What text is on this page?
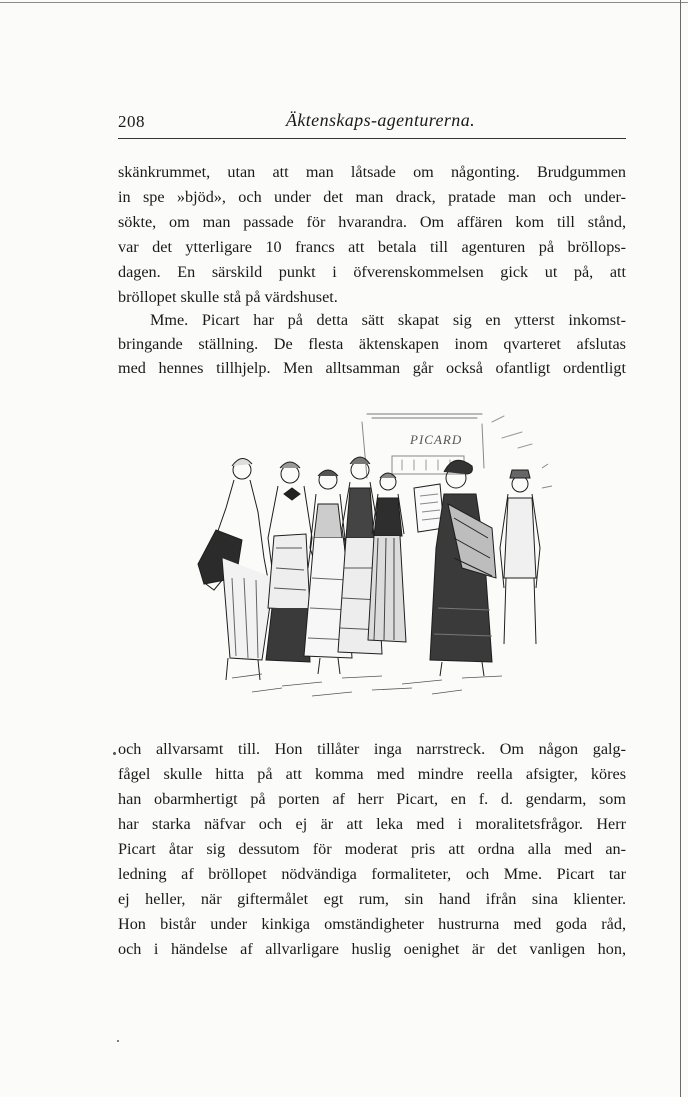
208	Äktenskaps-agenturerna.
skänkrummet, utan att man låtsade om någonting. Brudgummen
in spe »bjöd», och under det man drack, pratade man och under-
sökte, om man passade för hvarandra. Om affären kom till stånd,
var det ytterligare 10 francs att betala till agenturen på bröllops-
dagen. En särskild punkt i öfverenskommelsen gick ut på, att
bröllopet skulle stå på värdshuset.
Mme. Picart har på detta sätt skapat sig en ytterst inkomst-
bringande ställning. De flesta äktenskapen inom qvarteret afslutas
med hennes tillhjelp. Men alltsamman går också ofantligt ordentligt
PICARD
och allvarsamt till. Hon tillåter inga narrstreck. Om någon galg-
fågel skulle hitta på att komma med mindre reella afsigter, köres
han obarmhertigt på porten af herr Picart, en f. d. gendarm, som
har starka näfvar och ej är att leka med i moralitetsfrågor. Herr
Picart åtar sig dessutom för moderat pris att ordna alla med an-
ledning af bröllopet nödvändiga formaliteter, och Mme. Picart tar
ej heller, när giftermålet egt rum, sin hand ifrån sina klienter.
Hon bistår under kinkiga omständigheter hustrurna med goda råd,
och i händelse af allvarligare huslig oenighet är det vanligen hon,
